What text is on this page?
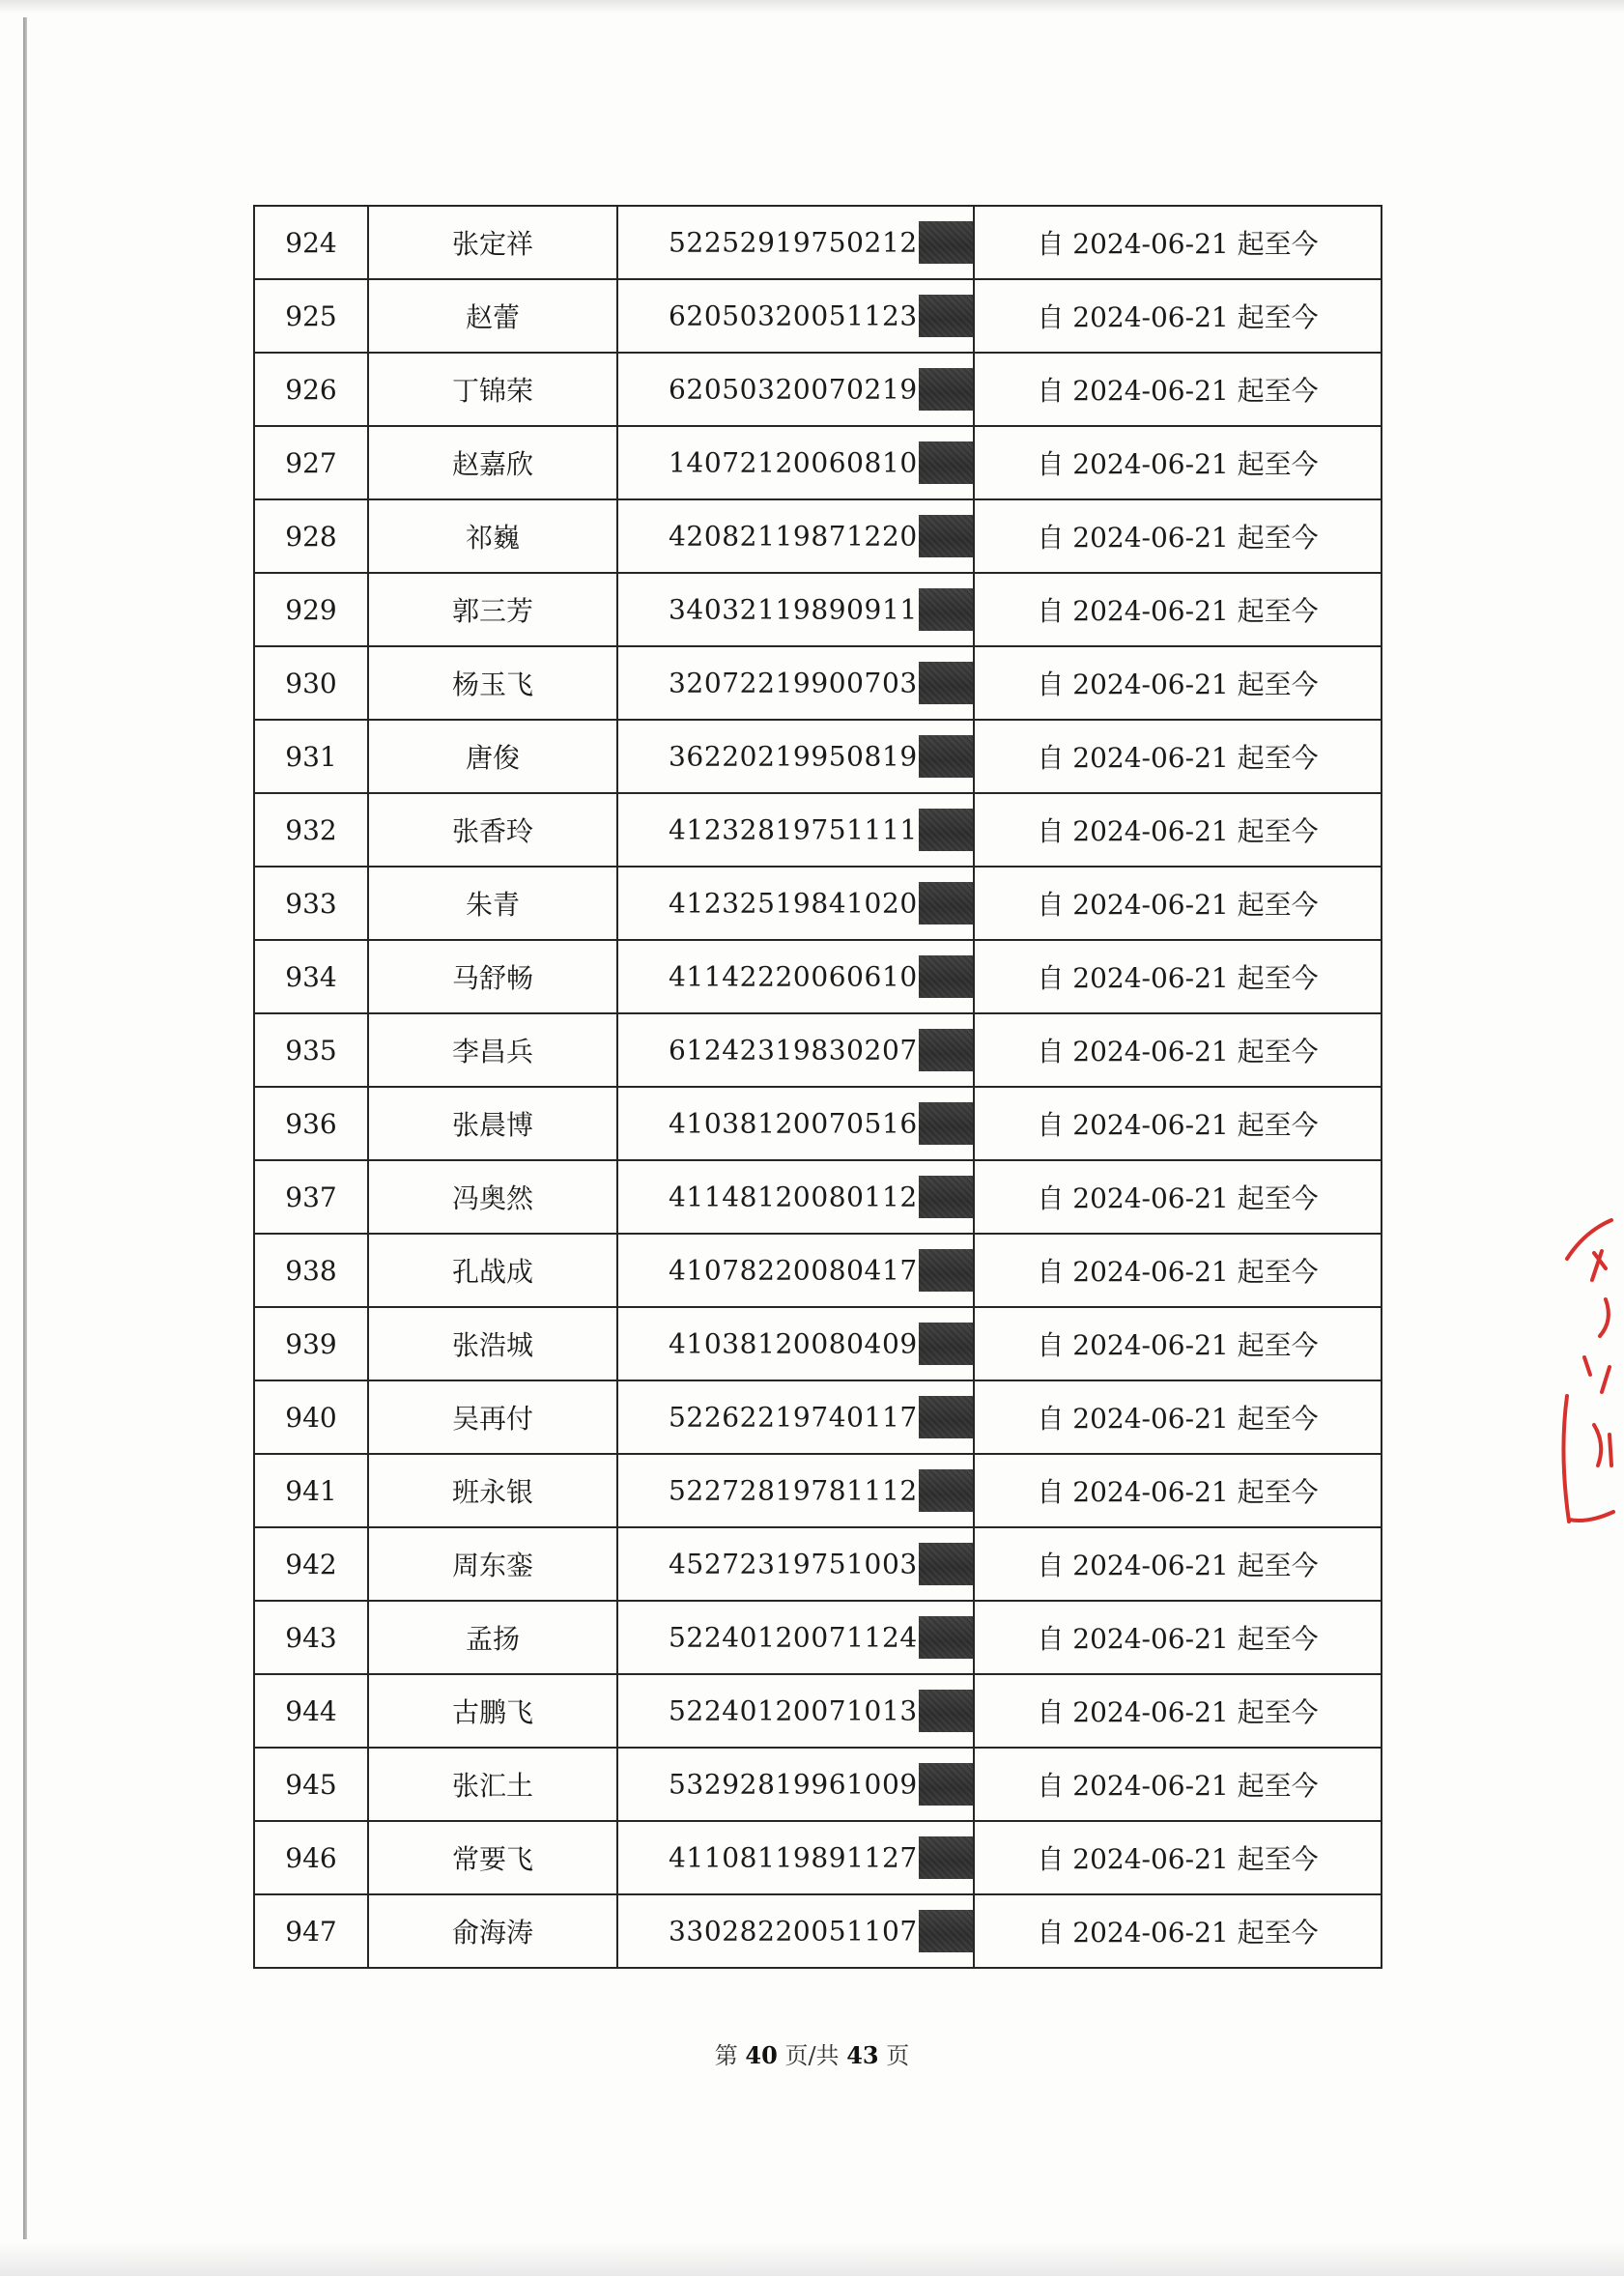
924	张定祥	52252919750212	自 2024-06-21 起至今
925	赵蕾	62050320051123	自 2024-06-21 起至今
926	丁锦荣	62050320070219	自 2024-06-21 起至今
927	赵嘉欣	14072120060810	自 2024-06-21 起至今
928	祁巍	42082119871220	自 2024-06-21 起至今
929	郭三芳	34032119890911	自 2024-06-21 起至今
930	杨玉飞	32072219900703	自 2024-06-21 起至今
931	唐俊	36220219950819	自 2024-06-21 起至今
932	张香玲	41232819751111	自 2024-06-21 起至今
933	朱青	41232519841020	自 2024-06-21 起至今
934	马舒畅	41142220060610	自 2024-06-21 起至今
935	李昌兵	61242319830207	自 2024-06-21 起至今
936	张晨博	41038120070516	自 2024-06-21 起至今
937	冯奥然	41148120080112	自 2024-06-21 起至今
938	孔战成	41078220080417	自 2024-06-21 起至今
939	张浩城	41038120080409	自 2024-06-21 起至今
940	吴再付	52262219740117	自 2024-06-21 起至今
941	班永银	52272819781112	自 2024-06-21 起至今
942	周东銮	45272319751003	自 2024-06-21 起至今
943	孟扬	52240120071124	自 2024-06-21 起至今
944	古鹏飞	52240120071013	自 2024-06-21 起至今
945	张汇土	53292819961009	自 2024-06-21 起至今
946	常要飞	41108119891127	自 2024-06-21 起至今
947	俞海涛	33028220051107	自 2024-06-21 起至今
第 40 页/共 43 页
